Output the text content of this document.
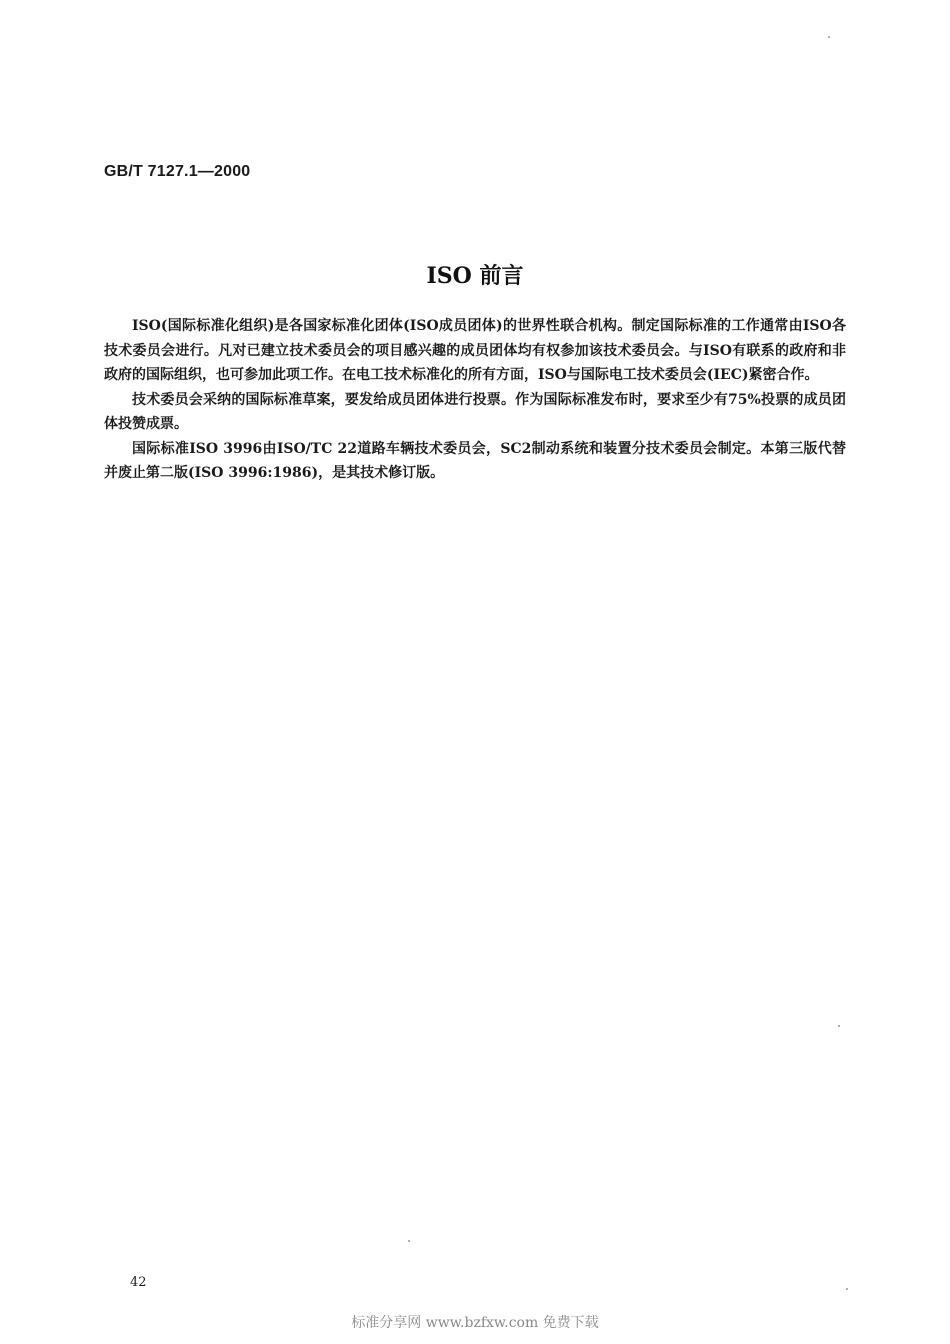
GB/T 7127.1—2000
ISO 前言

ISO(国际标准化组织)是各国家标准化团体(ISO成员团体)的世界性联合机构。制定国际标准的工作通常由ISO各技术委员会进行。凡对已建立技术委员会的项目感兴趣的成员团体均有权参加该技术委员会。与ISO有联系的政府和非政府的国际组织，也可参加此项工作。在电工技术标准化的所有方面，ISO与国际电工技术委员会(IEC)紧密合作。

技术委员会采纳的国际标准草案，要发给成员团体进行投票。作为国际标准发布时，要求至少有75%投票的成员团体投赞成票。

国际标准ISO 3996由ISO/TC 22道路车辆技术委员会，SC2制动系统和装置分技术委员会制定。本第三版代替并废止第二版(ISO 3996:1986)，是其技术修订版。

42
标准分享网 www.bzfxw.com 免费下载
